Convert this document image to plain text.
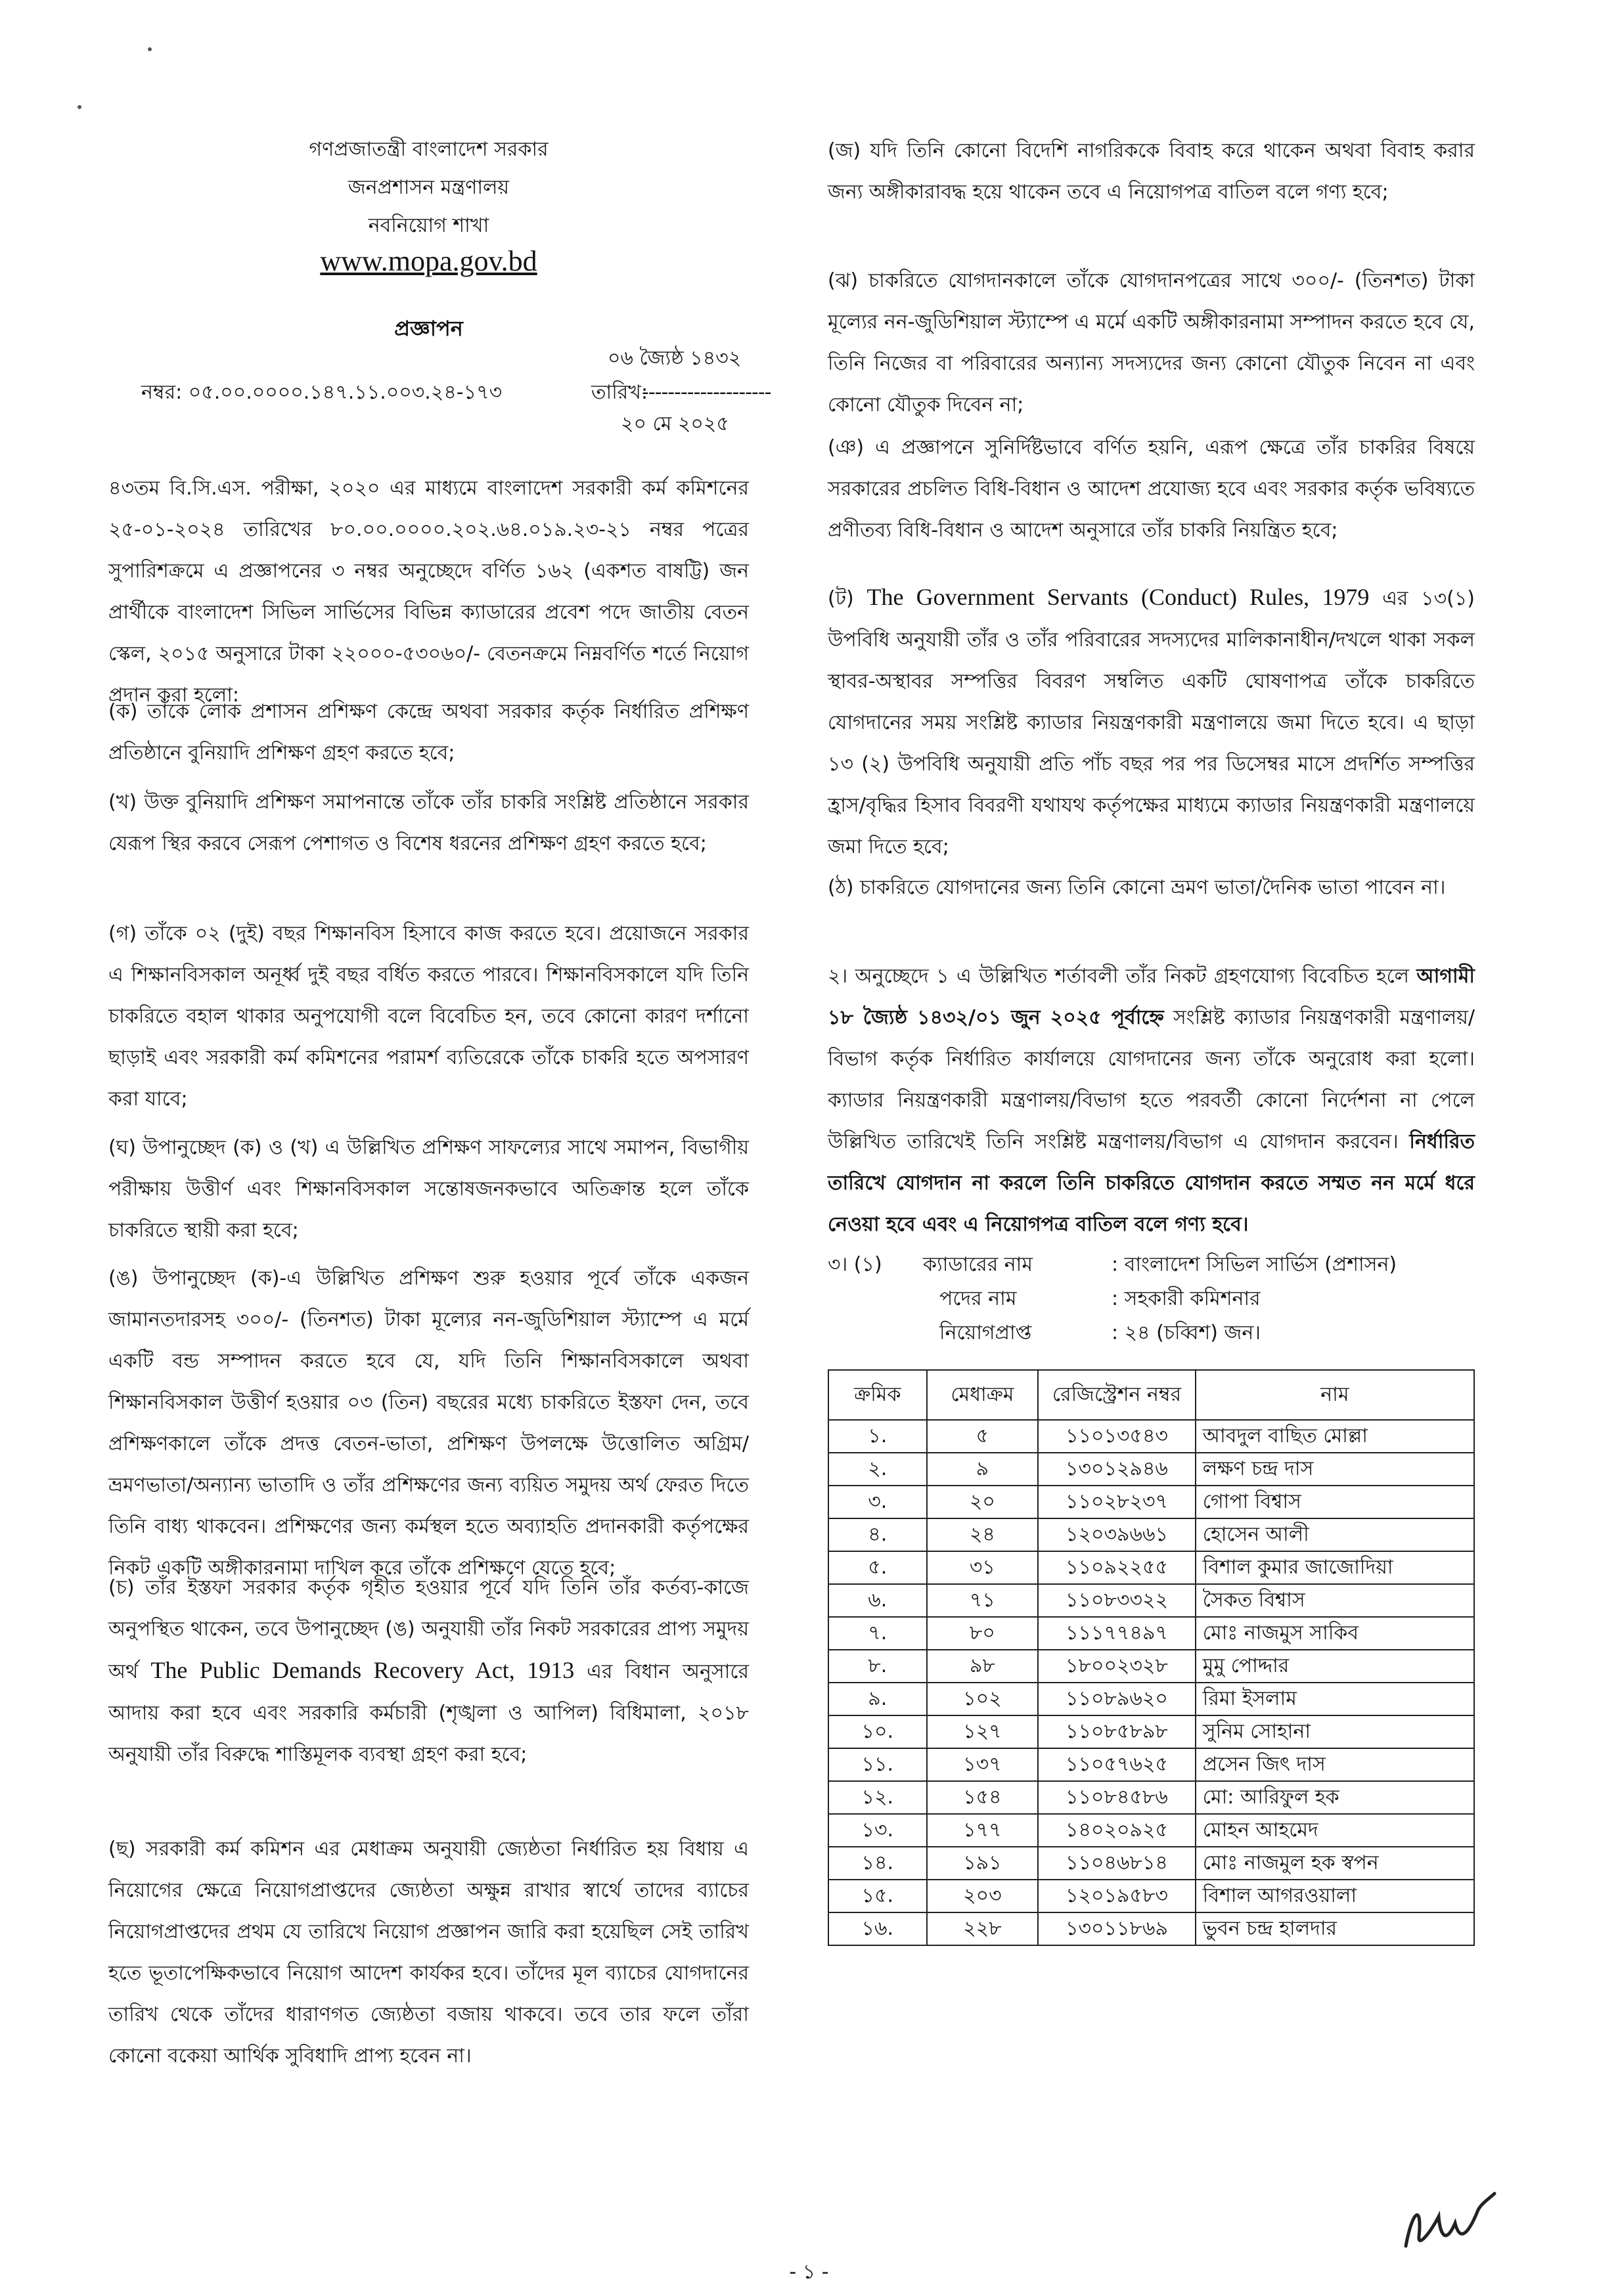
গণপ্রজাতন্ত্রী বাংলাদেশ সরকার
জনপ্রশাসন মন্ত্রণালয়
নবনিয়োগ শাখা
www.mopa.gov.bd
প্রজ্ঞাপন
০৬ জ্যৈষ্ঠ ১৪৩২
নম্বর: ০৫.০০.০০০০.১৪৭.১১.০০৩.২৪-১৭৩	তারিখ:
--------------------
২০ মে ২০২৫

৪৩তম বি.সি.এস. পরীক্ষা, ২০২০ এর মাধ্যমে বাংলাদেশ সরকারী কর্ম কমিশনের ২৫-০১-২০২৪ তারিখের ৮০.০০.০০০০.২০২.৬৪.০১৯.২৩-২১ নম্বর পত্রের সুপারিশক্রমে এ প্রজ্ঞাপনের ৩ নম্বর অনুচ্ছেদে বর্ণিত ১৬২ (একশত বাষট্টি) জন প্রার্থীকে বাংলাদেশ সিভিল সার্ভিসের বিভিন্ন ক্যাডারের প্রবেশ পদে জাতীয় বেতন স্কেল, ২০১৫ অনুসারে টাকা ২২০০০-৫৩০৬০/- বেতনক্রমে নিম্নবর্ণিত শর্তে নিয়োগ প্রদান করা হলো:

(ক) তাঁকে লোক প্রশাসন প্রশিক্ষণ কেন্দ্রে অথবা সরকার কর্তৃক নির্ধারিত প্রশিক্ষণ প্রতিষ্ঠানে বুনিয়াদি প্রশিক্ষণ গ্রহণ করতে হবে;

(খ) উক্ত বুনিয়াদি প্রশিক্ষণ সমাপনান্তে তাঁকে তাঁর চাকরি সংশ্লিষ্ট প্রতিষ্ঠানে সরকার যেরূপ স্থির করবে সেরূপ পেশাগত ও বিশেষ ধরনের প্রশিক্ষণ গ্রহণ করতে হবে;

(গ) তাঁকে ০২ (দুই) বছর শিক্ষানবিস হিসাবে কাজ করতে হবে। প্রয়োজনে সরকার এ শিক্ষানবিসকাল অনূর্ধ্ব দুই বছর বর্ধিত করতে পারবে। শিক্ষানবিসকালে যদি তিনি চাকরিতে বহাল থাকার অনুপযোগী বলে বিবেচিত হন, তবে কোনো কারণ দর্শানো ছাড়াই এবং সরকারী কর্ম কমিশনের পরামর্শ ব্যতিরেকে তাঁকে চাকরি হতে অপসারণ করা যাবে;

(ঘ) উপানুচ্ছেদ (ক) ও (খ) এ উল্লিখিত প্রশিক্ষণ সাফল্যের সাথে সমাপন, বিভাগীয় পরীক্ষায় উত্তীর্ণ এবং শিক্ষানবিসকাল সন্তোষজনকভাবে অতিক্রান্ত হলে তাঁকে চাকরিতে স্থায়ী করা হবে;

(ঙ) উপানুচ্ছেদ (ক)-এ উল্লিখিত প্রশিক্ষণ শুরু হওয়ার পূর্বে তাঁকে একজন জামানতদারসহ ৩০০/- (তিনশত) টাকা মূল্যের নন-জুডিশিয়াল স্ট্যাম্পে এ মর্মে একটি বন্ড সম্পাদন করতে হবে যে, যদি তিনি শিক্ষানবিসকালে অথবা শিক্ষানবিসকাল উত্তীর্ণ হওয়ার ০৩ (তিন) বছরের মধ্যে চাকরিতে ইস্তফা দেন, তবে প্রশিক্ষণকালে তাঁকে প্রদত্ত বেতন-ভাতা, প্রশিক্ষণ উপলক্ষে উত্তোলিত অগ্রিম/ভ্রমণভাতা/অন্যান্য ভাতাদি ও তাঁর প্রশিক্ষণের জন্য ব্যয়িত সমুদয় অর্থ ফেরত দিতে তিনি বাধ্য থাকবেন। প্রশিক্ষণের জন্য কর্মস্থল হতে অব্যাহতি প্রদানকারী কর্তৃপক্ষের নিকট একটি অঙ্গীকারনামা দাখিল করে তাঁকে প্রশিক্ষণে যেতে হবে;

(চ) তাঁর ইস্তফা সরকার কর্তৃক গৃহীত হওয়ার পূর্বে যদি তিনি তাঁর কর্তব্য-কাজে অনুপস্থিত থাকেন, তবে উপানুচ্ছেদ (ঙ) অনুযায়ী তাঁর নিকট সরকারের প্রাপ্য সমুদয় অর্থ The Public Demands Recovery Act, 1913 এর বিধান অনুসারে আদায় করা হবে এবং সরকারি কর্মচারী (শৃঙ্খলা ও আপিল) বিধিমালা, ২০১৮ অনুযায়ী তাঁর বিরুদ্ধে শাস্তিমূলক ব্যবস্থা গ্রহণ করা হবে;

(ছ) সরকারী কর্ম কমিশন এর মেধাক্রম অনুযায়ী জ্যেষ্ঠতা নির্ধারিত হয় বিধায় এ নিয়োগের ক্ষেত্রে নিয়োগপ্রাপ্তদের জ্যেষ্ঠতা অক্ষুন্ন রাখার স্বার্থে তাদের ব্যাচের নিয়োগপ্রাপ্তদের প্রথম যে তারিখে নিয়োগ প্রজ্ঞাপন জারি করা হয়েছিল সেই তারিখ হতে ভূতাপেক্ষিকভাবে নিয়োগ আদেশ কার্যকর হবে। তাঁদের মূল ব্যাচের যোগদানের তারিখ থেকে তাঁদের ধারাণগত জ্যেষ্ঠতা বজায় থাকবে। তবে তার ফলে তাঁরা কোনো বকেয়া আর্থিক সুবিধাদি প্রাপ্য হবেন না।

(জ) যদি তিনি কোনো বিদেশি নাগরিককে বিবাহ করে থাকেন অথবা বিবাহ করার জন্য অঙ্গীকারাবদ্ধ হয়ে থাকেন তবে এ নিয়োগপত্র বাতিল বলে গণ্য হবে;

(ঝ) চাকরিতে যোগদানকালে তাঁকে যোগদানপত্রের সাথে ৩০০/- (তিনশত) টাকা মূল্যের নন-জুডিশিয়াল স্ট্যাম্পে এ মর্মে একটি অঙ্গীকারনামা সম্পাদন করতে হবে যে, তিনি নিজের বা পরিবারের অন্যান্য সদস্যদের জন্য কোনো যৌতুক নিবেন না এবং কোনো যৌতুক দিবেন না;

(ঞ) এ প্রজ্ঞাপনে সুনির্দিষ্টভাবে বর্ণিত হয়নি, এরূপ ক্ষেত্রে তাঁর চাকরির বিষয়ে সরকারের প্রচলিত বিধি-বিধান ও আদেশ প্রযোজ্য হবে এবং সরকার কর্তৃক ভবিষ্যতে প্রণীতব্য বিধি-বিধান ও আদেশ অনুসারে তাঁর চাকরি নিয়ন্ত্রিত হবে;

(ট) The Government Servants (Conduct) Rules, 1979 এর ১৩(১) উপবিধি অনুযায়ী তাঁর ও তাঁর পরিবারের সদস্যদের মালিকানাধীন/দখলে থাকা সকল স্থাবর-অস্থাবর সম্পত্তির বিবরণ সম্বলিত একটি ঘোষণাপত্র তাঁকে চাকরিতে যোগদানের সময় সংশ্লিষ্ট ক্যাডার নিয়ন্ত্রণকারী মন্ত্রণালয়ে জমা দিতে হবে। এ ছাড়া ১৩ (২) উপবিধি অনুযায়ী প্রতি পাঁচ বছর পর পর ডিসেম্বর মাসে প্রদর্শিত সম্পত্তির হ্রাস/বৃদ্ধির হিসাব বিবরণী যথাযথ কর্তৃপক্ষের মাধ্যমে ক্যাডার নিয়ন্ত্রণকারী মন্ত্রণালয়ে জমা দিতে হবে;

(ঠ) চাকরিতে যোগদানের জন্য তিনি কোনো ভ্রমণ ভাতা/দৈনিক ভাতা পাবেন না।

২। অনুচ্ছেদে ১ এ উল্লিখিত শর্তাবলী তাঁর নিকট গ্রহণযোগ্য বিবেচিত হলে আগামী ১৮ জ্যৈষ্ঠ ১৪৩২/০১ জুন ২০২৫ পূর্বাহ্নে সংশ্লিষ্ট ক্যাডার নিয়ন্ত্রণকারী মন্ত্রণালয়/বিভাগ কর্তৃক নির্ধারিত কার্যালয়ে যোগদানের জন্য তাঁকে অনুরোধ করা হলো। ক্যাডার নিয়ন্ত্রণকারী মন্ত্রণালয়/বিভাগ হতে পরবর্তী কোনো নির্দেশনা না পেলে উল্লিখিত তারিখেই তিনি সংশ্লিষ্ট মন্ত্রণালয়/বিভাগ এ যোগদান করবেন। নির্ধারিত তারিখে যোগদান না করলে তিনি চাকরিতে যোগদান করতে সম্মত নন মর্মে ধরে নেওয়া হবে এবং এ নিয়োগপত্র বাতিল বলে গণ্য হবে।

৩। (১) ক্যাডারের নাম	: বাংলাদেশ সিভিল সার্ভিস (প্রশাসন)
পদের নাম	: সহকারী কমিশনার
নিয়োগপ্রাপ্ত	: ২৪ (চব্বিশ) জন।
ক্রমিক	মেধাক্রম	রেজিস্ট্রেশন নম্বর	নাম
১.	৫	১১০১৩৫৪৩	আবদুল বাছিত মোল্লা
২.	৯	১৩০১২৯৪৬	লক্ষণ চন্দ্র দাস
৩.	২০	১১০২৮২৩৭	গোপা বিশ্বাস
৪.	২৪	১২০৩৯৬৬১	হোসেন আলী
৫.	৩১	১১০৯২২৫৫	বিশাল কুমার জাজোদিয়া
৬.	৭১	১১০৮৩৩২২	সৈকত বিশ্বাস
৭.	৮০	১১১৭৭৪৯৭	মোঃ নাজমুস সাকিব
৮.	৯৮	১৮০০২৩২৮	মুমু পোদ্দার
৯.	১০২	১১০৮৯৬২০	রিমা ইসলাম
১০.	১২৭	১১০৮৫৮৯৮	সুনিম সোহানা
১১.	১৩৭	১১০৫৭৬২৫	প্রসেন জিৎ দাস
১২.	১৫৪	১১০৮৪৫৮৬	মো: আরিফুল হক
১৩.	১৭৭	১৪০২০৯২৫	মোহন আহমেদ
১৪.	১৯১	১১০৪৬৮১৪	মোঃ নাজমুল হক স্বপন
১৫.	২০৩	১২০১৯৫৮৩	বিশাল আগরওয়ালা
১৬.	২২৮	১৩০১১৮৬৯	ভুবন চন্দ্র হালদার
- ১ -
